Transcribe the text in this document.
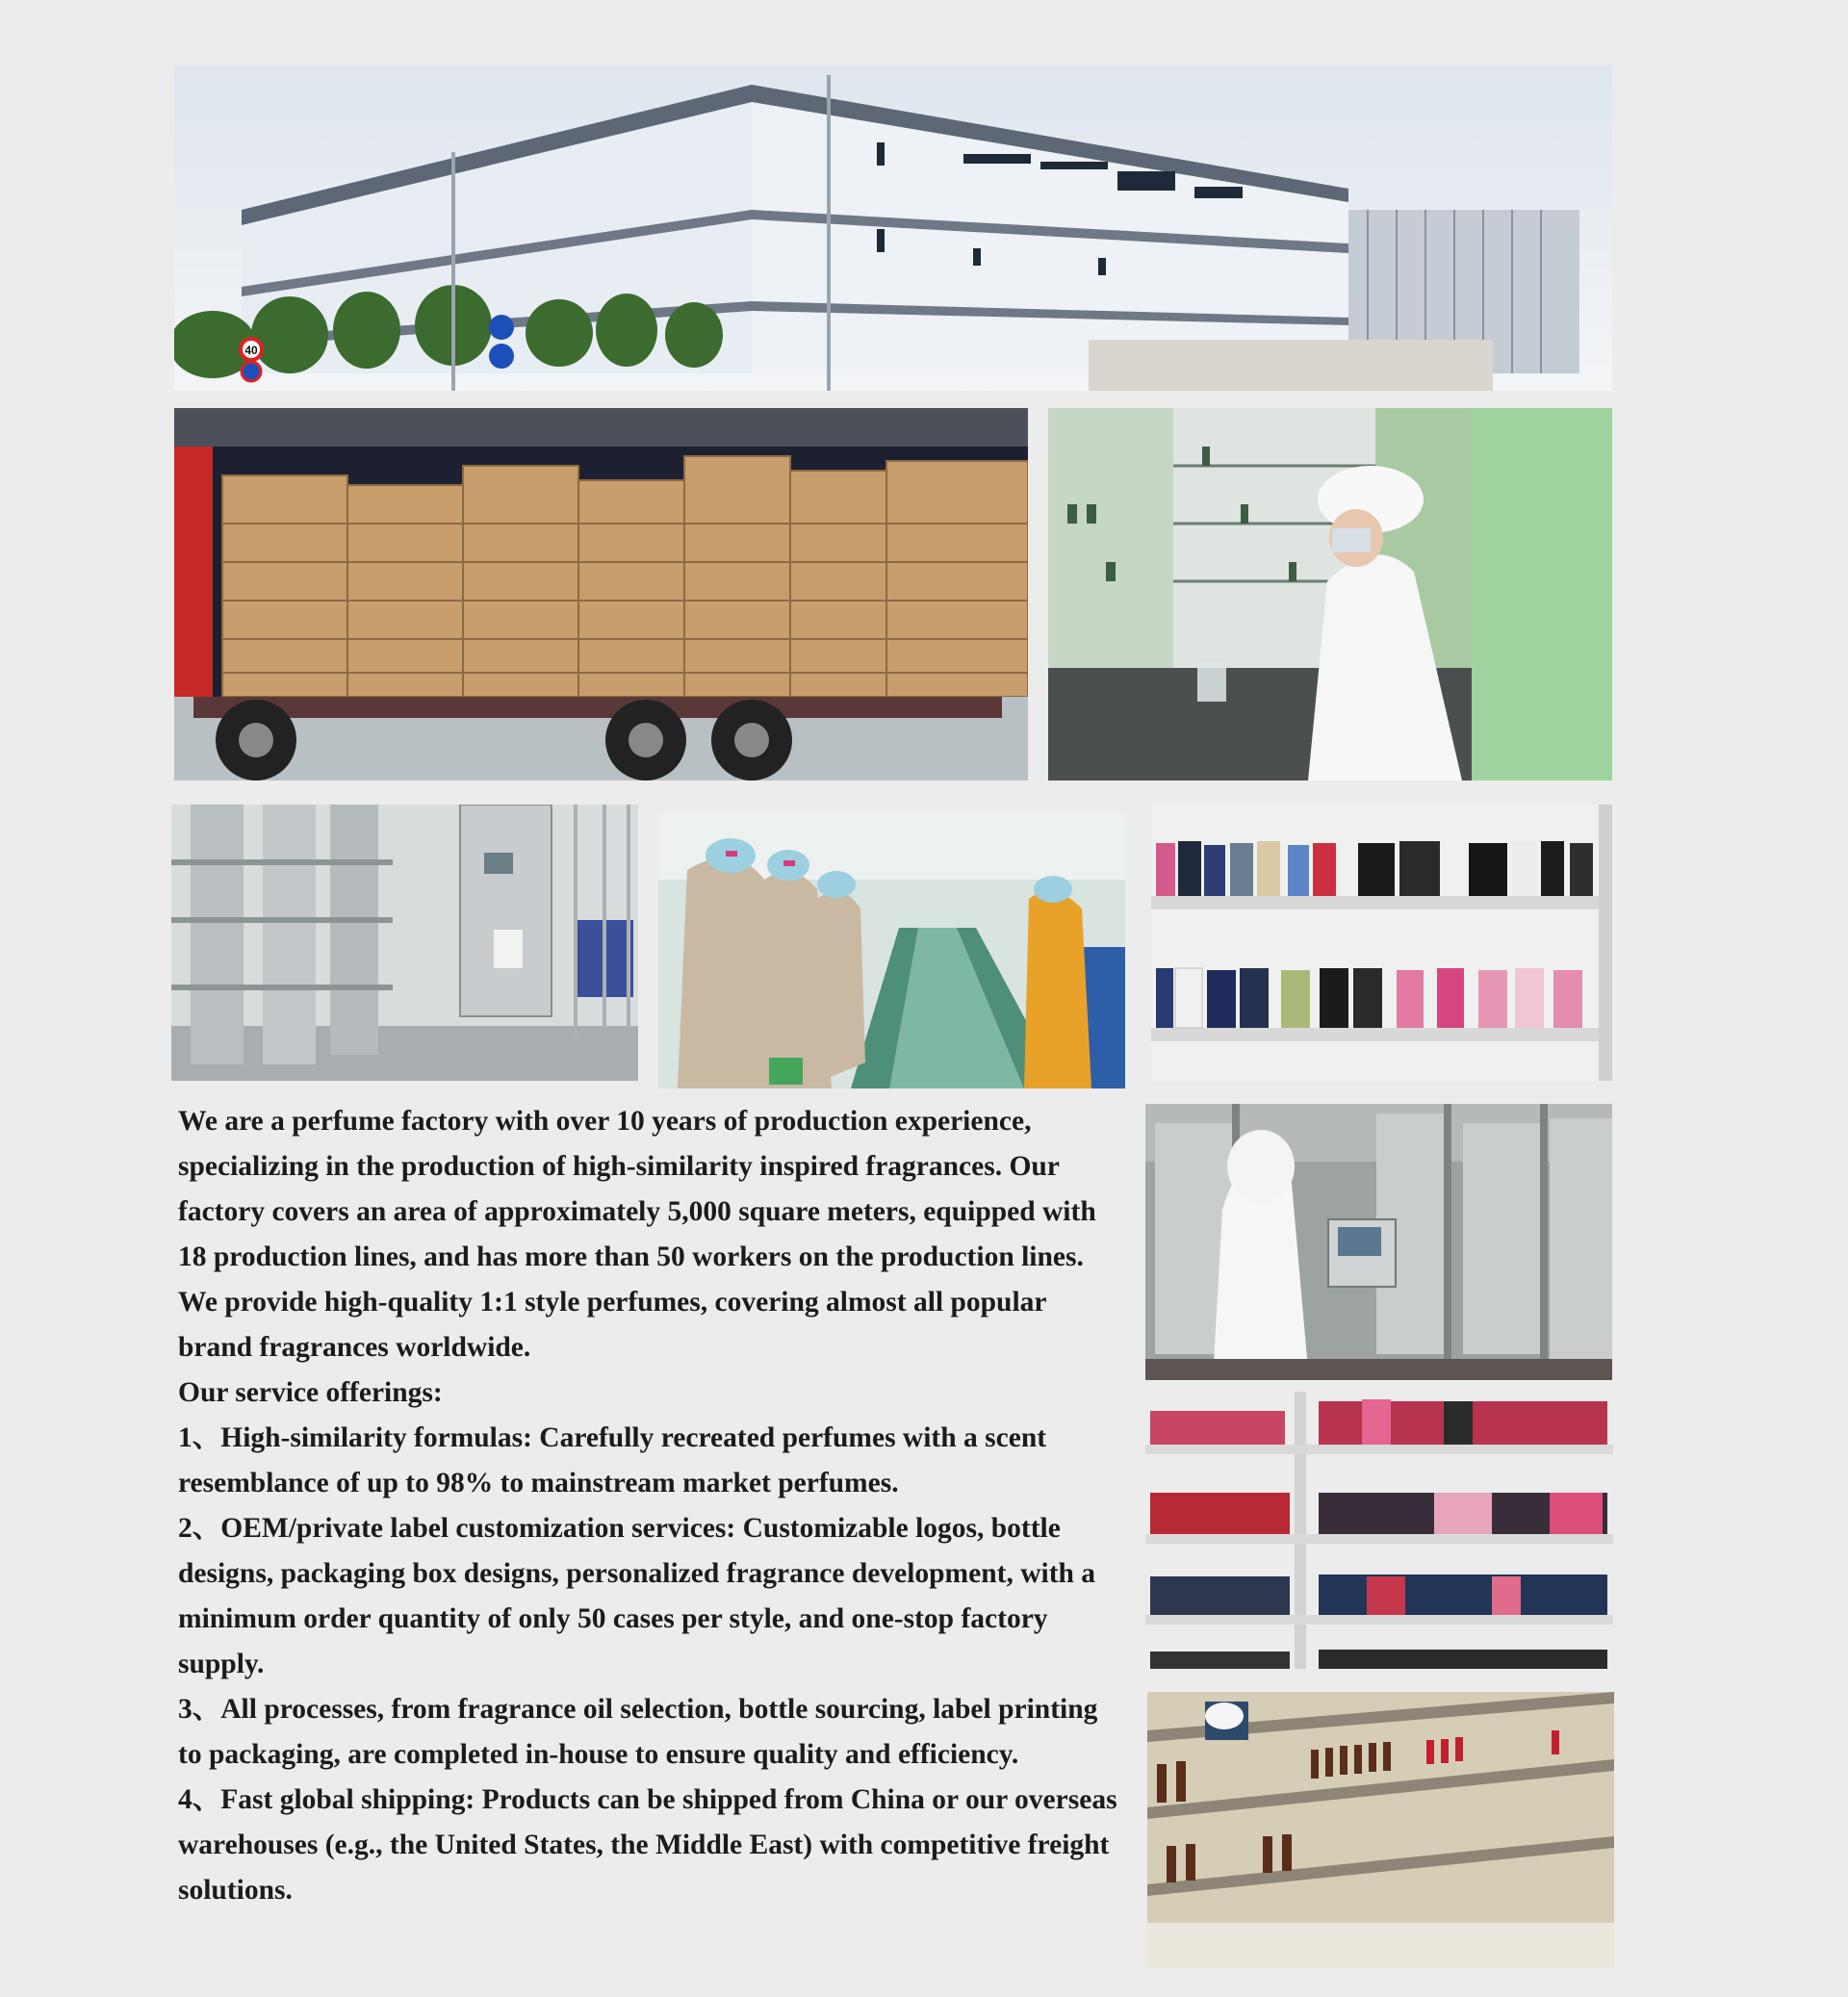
40

We are a perfume factory with over 10 years of production experience, specializing in the production of high-similarity inspired fragrances. Our factory covers an area of approximately 5,000 square meters, equipped with 18 production lines, and has more than 50 workers on the production lines. We provide high-quality 1:1 style perfumes, covering almost all popular brand fragrances worldwide.

Our service offerings:

1、High-similarity formulas: Carefully recreated perfumes with a scent resemblance of up to 98% to mainstream market perfumes.

2、OEM/private label customization services: Customizable logos, bottle designs, packaging box designs, personalized fragrance development, with a minimum order quantity of only 50 cases per style, and one-stop factory supply.

3、All processes, from fragrance oil selection, bottle sourcing, label printing to packaging, are completed in-house to ensure quality and efficiency.

4、Fast global shipping: Products can be shipped from China or our overseas warehouses (e.g., the United States, the Middle East) with competitive freight solutions.
